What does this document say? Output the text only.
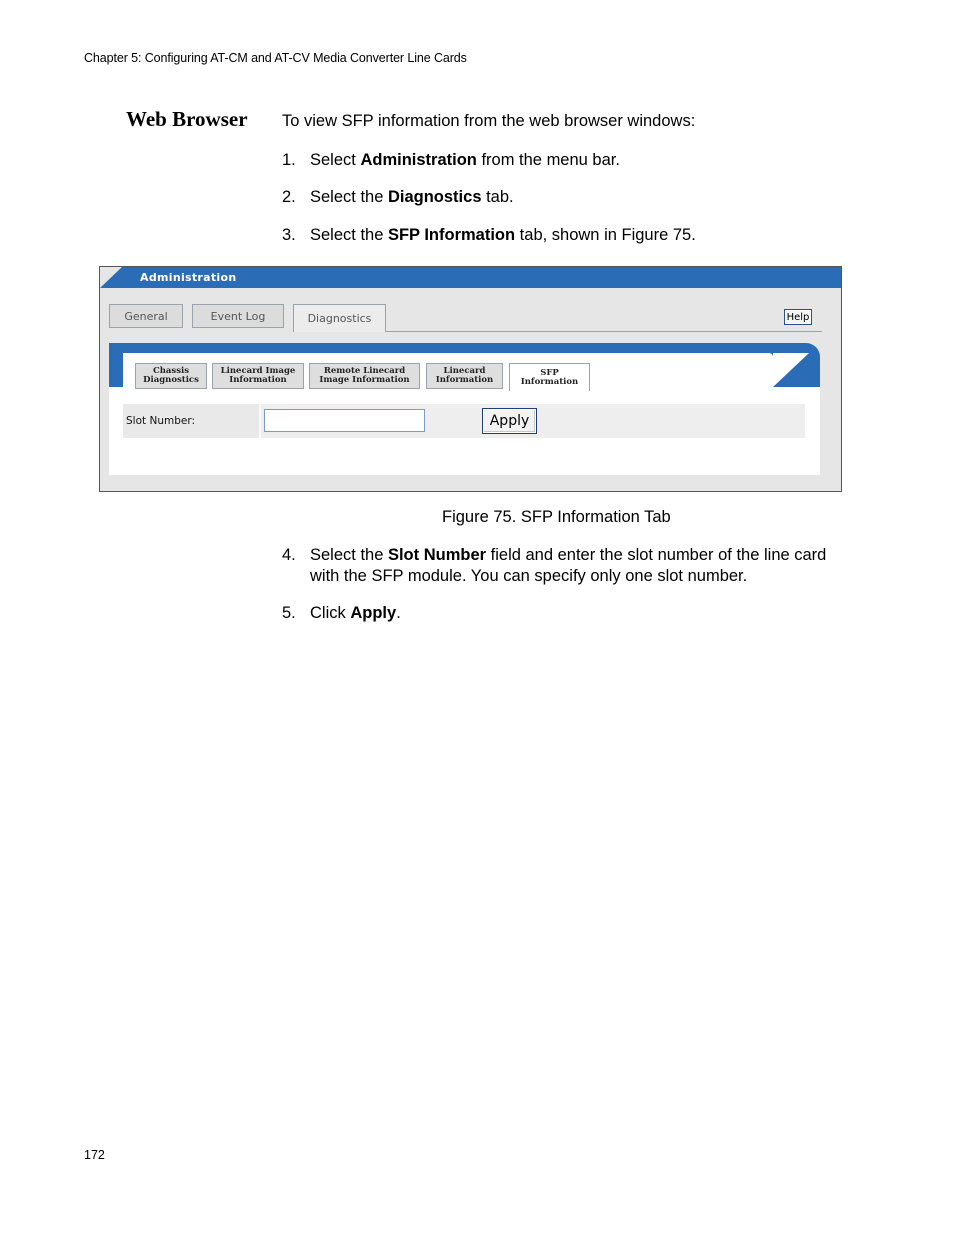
Chapter 5: Configuring AT-CM and AT-CV Media Converter Line Cards
Web Browser To view SFP information from the web browser windows:
1. Select Administration from the menu bar.
2. Select the Diagnostics tab.
3. Select the SFP Information tab, shown in Figure 75.
Administration
General	Event Log	Diagnostics	Help
Chassis
Diagnostics
Linecard Image
Information
Remote Linecard
Image Information
Linecard
Information
SFP
Information
Slot Number:	Apply
Figure 75. SFP Information Tab
4. Select the Slot Number field and enter the slot number of the line card with the SFP module. You can specify only one slot number.
5. Click Apply.
172
